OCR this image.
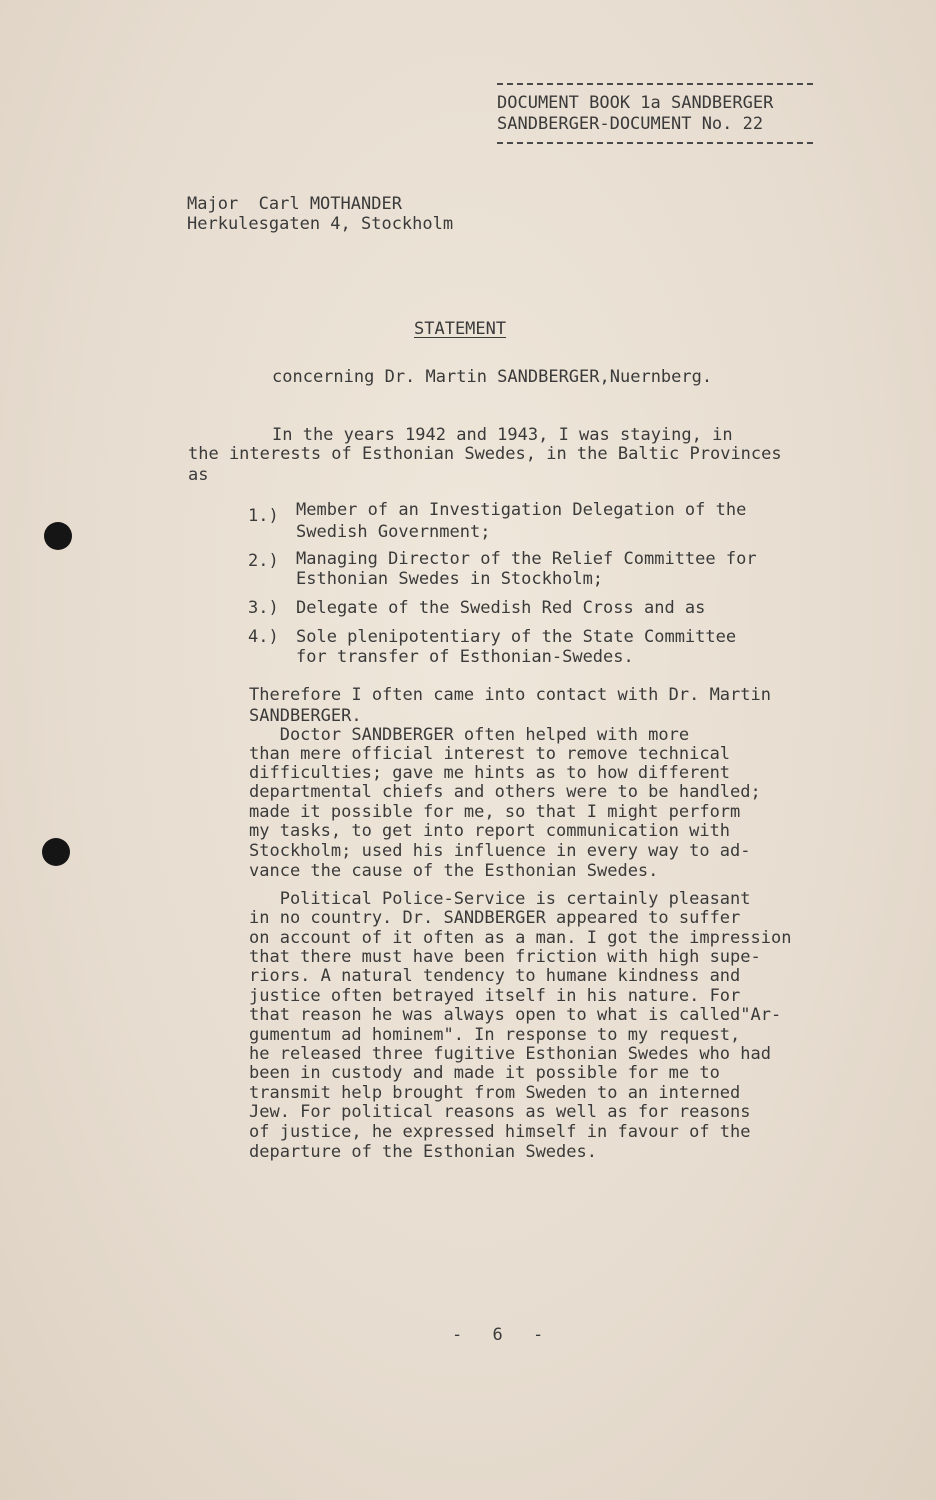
DOCUMENT BOOK 1a SANDBERGER
SANDBERGER-DOCUMENT No. 22
Major  Carl MOTHANDER
Herkulesgaten 4, Stockholm
STATEMENT
concerning Dr. Martin SANDBERGER,Nuernberg.
In the years 1942 and 1943, I was staying, in
the interests of Esthonian Swedes, in the Baltic Provinces
as
1.) Member of an Investigation Delegation of the
Swedish Government;
2.) Managing Director of the Relief Committee for
Esthonian Swedes in Stockholm;
3.) Delegate of the Swedish Red Cross and as
4.) Sole plenipotentiary of the State Committee
for transfer of Esthonian-Swedes.
Therefore I often came into contact with Dr. Martin
SANDBERGER.
Doctor SANDBERGER often helped with more
than mere official interest to remove technical
difficulties; gave me hints as to how different
departmental chiefs and others were to be handled;
made it possible for me, so that I might perform
my tasks, to get into report communication with
Stockholm; used his influence in every way to ad-
vance the cause of the Esthonian Swedes.
Political Police-Service is certainly pleasant
in no country. Dr. SANDBERGER appeared to suffer
on account of it often as a man. I got the impression
that there must have been friction with high supe-
riors. A natural tendency to humane kindness and
justice often betrayed itself in his nature. For
that reason he was always open to what is called"Ar-
gumentum ad hominem". In response to my request,
he released three fugitive Esthonian Swedes who had
been in custody and made it possible for me to
transmit help brought from Sweden to an interned
Jew. For political reasons as well as for reasons
of justice, he expressed himself in favour of the
departure of the Esthonian Swedes.
- 6 -
